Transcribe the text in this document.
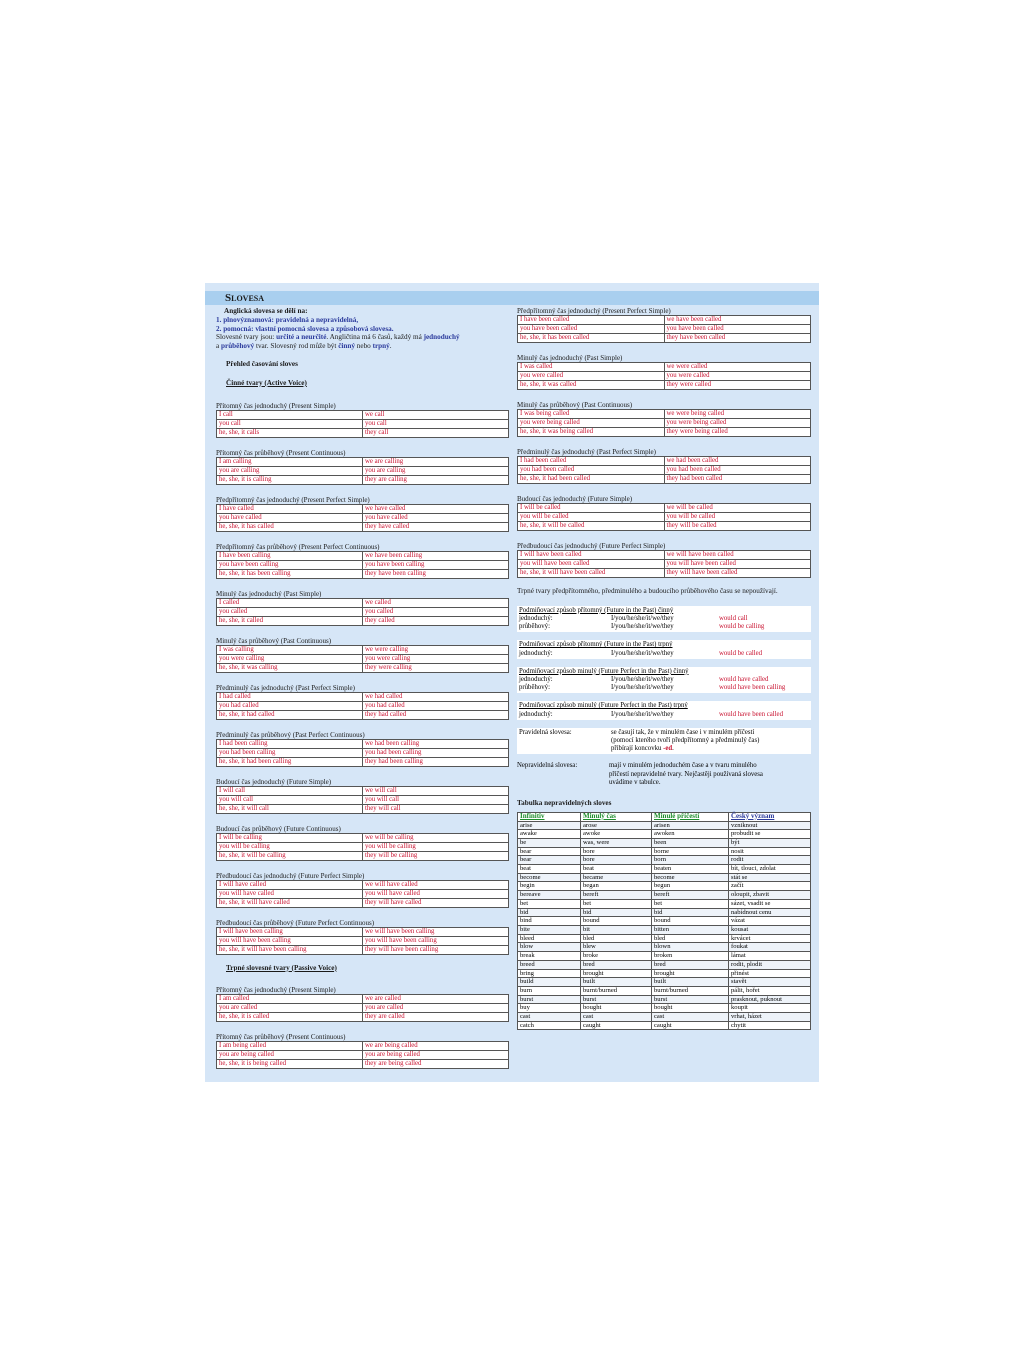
Slovesa
Anglická slovesa se dělí na:
1. plnovýznamová: pravidelná a nepravidelná,
2. pomocná: vlastní pomocná slovesa a způsobová slovesa.
Slovesné tvary jsou: určité a neurčité. Angličtina má 6 časů, každý má jednoduchý
a průběhový tvar. Slovesný rod může být činný nebo trpný.
Přehled časování sloves
Činné tvary (Active Voice)
Přítomný čas jednoduchý (Present Simple)
I call	we call
you call	you call
he, she, it calls	they call
Přítomný čas průběhový (Present Continuous)
I am calling	we are calling
you are calling	you are calling
he, she, it is calling	they are calling
Předpřítomný čas jednoduchý (Present Perfect Simple)
I have called	we have called
you have called	you have called
he, she, it has called	they have called
Předpřítomný čas průběhový (Present Perfect Continuous)
I have been calling	we have been calling
you have been calling	you have been calling
he, she, it has been calling	they have been calling
Minulý čas jednoduchý (Past Simple)
I called	we called
you called	you called
he, she, it called	they called
Minulý čas průběhový (Past Continuous)
I was calling	we were calling
you were calling	you were calling
he, she, it was calling	they were calling
Předminulý čas jednoduchý (Past Perfect Simple)
I had called	we had called
you had called	you had called
he, she, it had called	they had called
Předminulý čas průběhový (Past Perfect Continuous)
I had been calling	we had been calling
you had been calling	you had been calling
he, she, it had been calling	they had been calling
Budoucí čas jednoduchý (Future Simple)
I will call	we will call
you will call	you will call
he, she, it will call	they will call
Budoucí čas průběhový (Future Continuous)
I will be calling	we will be calling
you will be calling	you will be calling
he, she, it will be calling	they will be calling
Předbudoucí čas jednoduchý (Future Perfect Simple)
I will have called	we will have called
you will have called	you will have called
he, she, it will have called	they will have called
Předbudoucí čas průběhový (Future Perfect Continuous)
I will have been calling	we will have been calling
you will have been calling	you will have been calling
he, she, it will have been calling	they will have been calling
Trpné slovesné tvary (Passive Voice)
Přítomný čas jednoduchý (Present Simple)
I am called	we are called
you are called	you are called
he, she, it is called	they are called
Přítomný čas průběhový (Present Continuous)
I am being called	we are being called
you are being called	you are being called
he, she, it is being called	they are being called
Předpřítomný čas jednoduchý (Present Perfect Simple)
I have been called	we have been called
you have been called	you have been called
he, she, it has been called	they have been called
Minulý čas jednoduchý (Past Simple)
I was called	we were called
you were called	you were called
he, she, it was called	they were called
Minulý čas průběhový (Past Continuous)
I was being called	we were being called
you were being called	you were being called
he, she, it was being called	they were being called
Předminulý čas jednoduchý (Past Perfect Simple)
I had been called	we had been called
you had been called	you had been called
he, she, it had been called	they had been called
Budoucí čas jednoduchý (Future Simple)
I will be called	we will be called
you will be called	you will be called
he, she, it will be called	they will be called
Předbudoucí čas jednoduchý (Future Perfect Simple)
I will have been called	we will have been called
you will have been called	you will have been called
he, she, it will have been called	they will have been called
Trpné tvary předpřítomného, předminulého a budoucího průběhového času se nepoužívají.
Podmiňovací způsob přítomný (Future in the Past) činný
jednoduchý:	I/you/he/she/it/we/they	would call
průběhový:	I/you/he/she/it/we/they	would be calling
Podmiňovací způsob přítomný (Future in the Past) trpný
jednoduchý:	I/you/he/she/it/we/they	would be called
Podmiňovací způsob minulý (Future Perfect in the Past) činný
jednoduchý:	I/you/he/she/it/we/they	would have called
průběhový:	I/you/he/she/it/we/they	would have been calling
Podmiňovací způsob minulý (Future Perfect in the Past) trpný
jednoduchý:	I/you/he/she/it/we/they	would have been called
Pravidelná slovesa:	se časují tak, že v minulém čase i v minulém příčestí
(pomocí kterého tvoří předpřítomný a předminulý čas)
přibírají koncovku -ed.
Nepravidelná slovesa:	mají v minulém jednoduchém čase a v tvaru minulého
příčestí nepravidelné tvary. Nejčastěji používaná slovesa
uvádíme v tabulce.
Tabulka nepravidelných sloves
Infinitiv	Minulý čas	Minulé příčestí	Český význam
arise	arose	arisen	vzniknout
awake	awoke	awoken	probudit se
be	was, were	been	být
bear	bore	borne	nosit
bear	bore	born	rodit
beat	beat	beaten	bít, tlouci, zdolat
become	became	become	stát se
begin	began	begun	začít
bereave	bereft	bereft	oloupit, zbavit
bet	bet	bet	sázet, vsadit se
bid	bid	bid	nabídnout cenu
bind	bound	bound	vázat
bite	bit	bitten	kousat
bleed	bled	bled	krvácet
blow	blew	blown	foukat
break	broke	broken	lámat
breed	bred	bred	rodit, plodit
bring	brought	brought	přinést
build	built	built	stavět
burn	burnt/burned	burnt/burned	pálit, hořet
burst	burst	burst	prasknout, puknout
buy	bought	bought	koupit
cast	cast	cast	vrhat, házet
catch	caught	caught	chytit
